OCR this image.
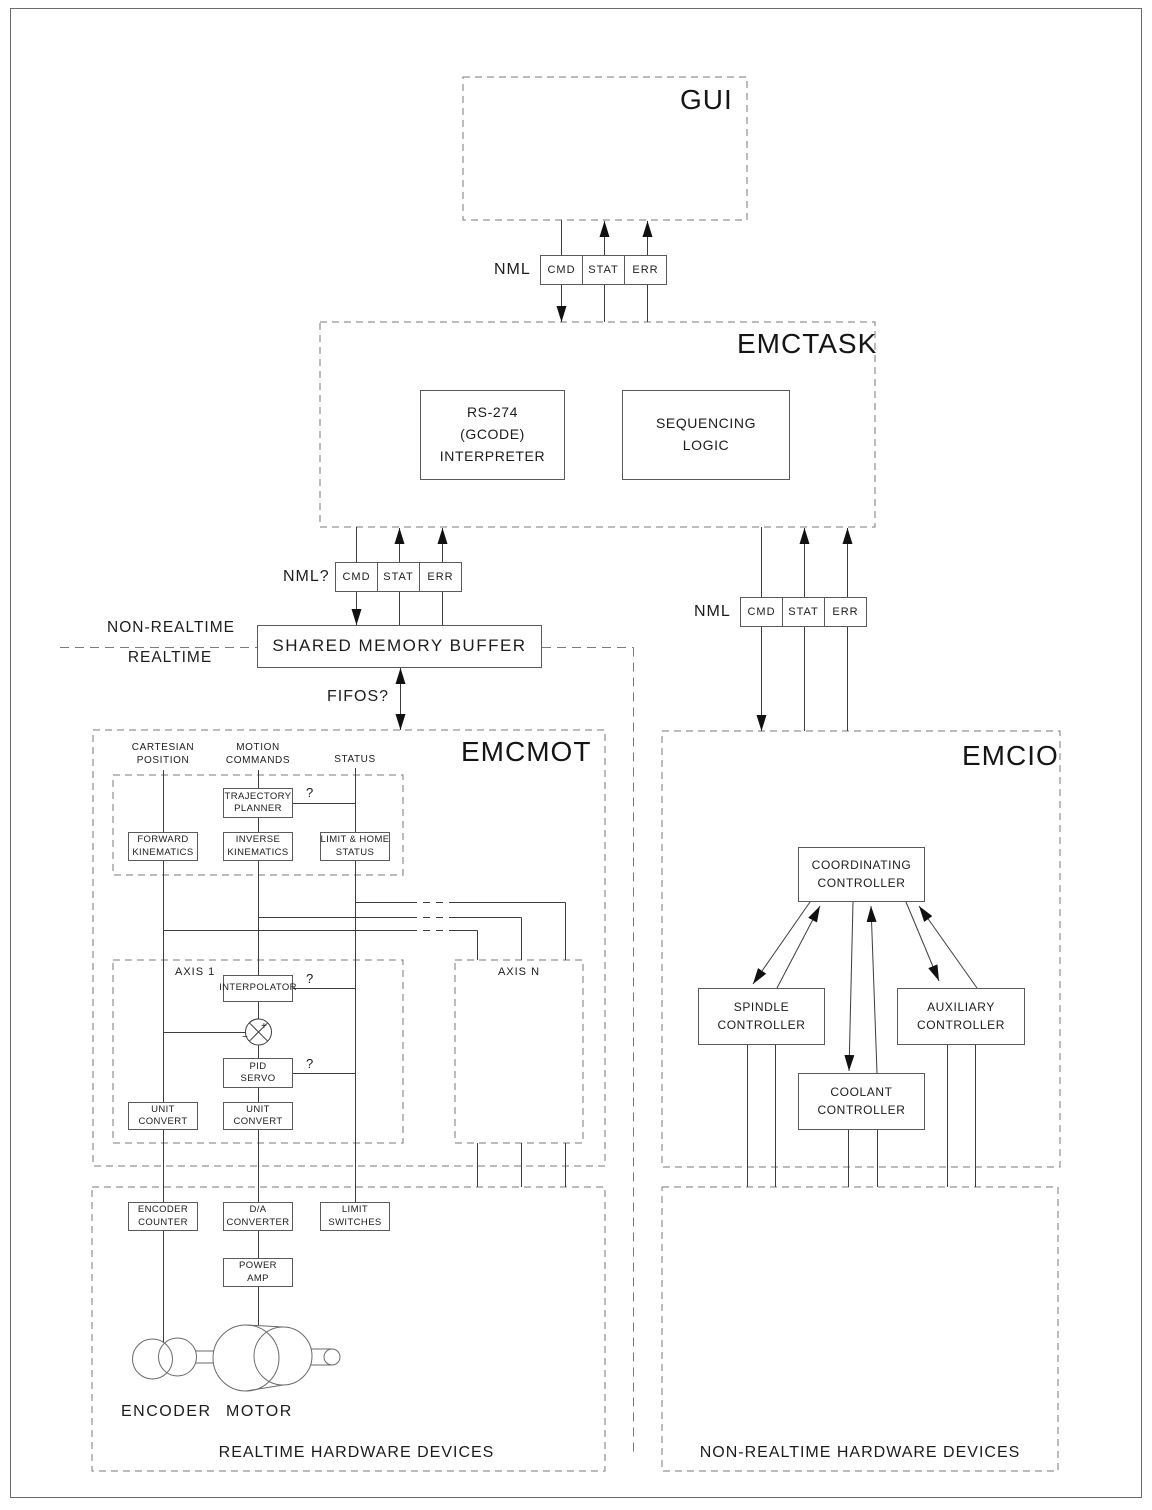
+
−
GUI
NML	CMD	STAT	ERR
EMCTASK
RS-274
(GCODE)
INTERPRETER
SEQUENCING
LOGIC
NML?	CMD	STAT	ERR
NML	CMD	STAT	ERR
SHARED MEMORY BUFFER
NON-REALTIME
REALTIME
FIFOS?
EMCMOT
CARTESIAN
POSITION
MOTION
COMMANDS	STATUS
TRAJECTORY
PLANNER
?
FORWARD
KINEMATICS
INVERSE
KINEMATICS
LIMIT & HOME
STATUS
AXIS 1	AXIS N
INTERPOLATOR
?
PID
SERVO
?
UNIT
CONVERT
UNIT
CONVERT
EMCIO
COORDINATING
CONTROLLER
SPINDLE
CONTROLLER
AUXILIARY
CONTROLLER
COOLANT
CONTROLLER
ENCODER
COUNTER
D/A
CONVERTER
LIMIT
SWITCHES
POWER
AMP
ENCODER MOTOR
REALTIME HARDWARE DEVICES	NON-REALTIME HARDWARE DEVICES
